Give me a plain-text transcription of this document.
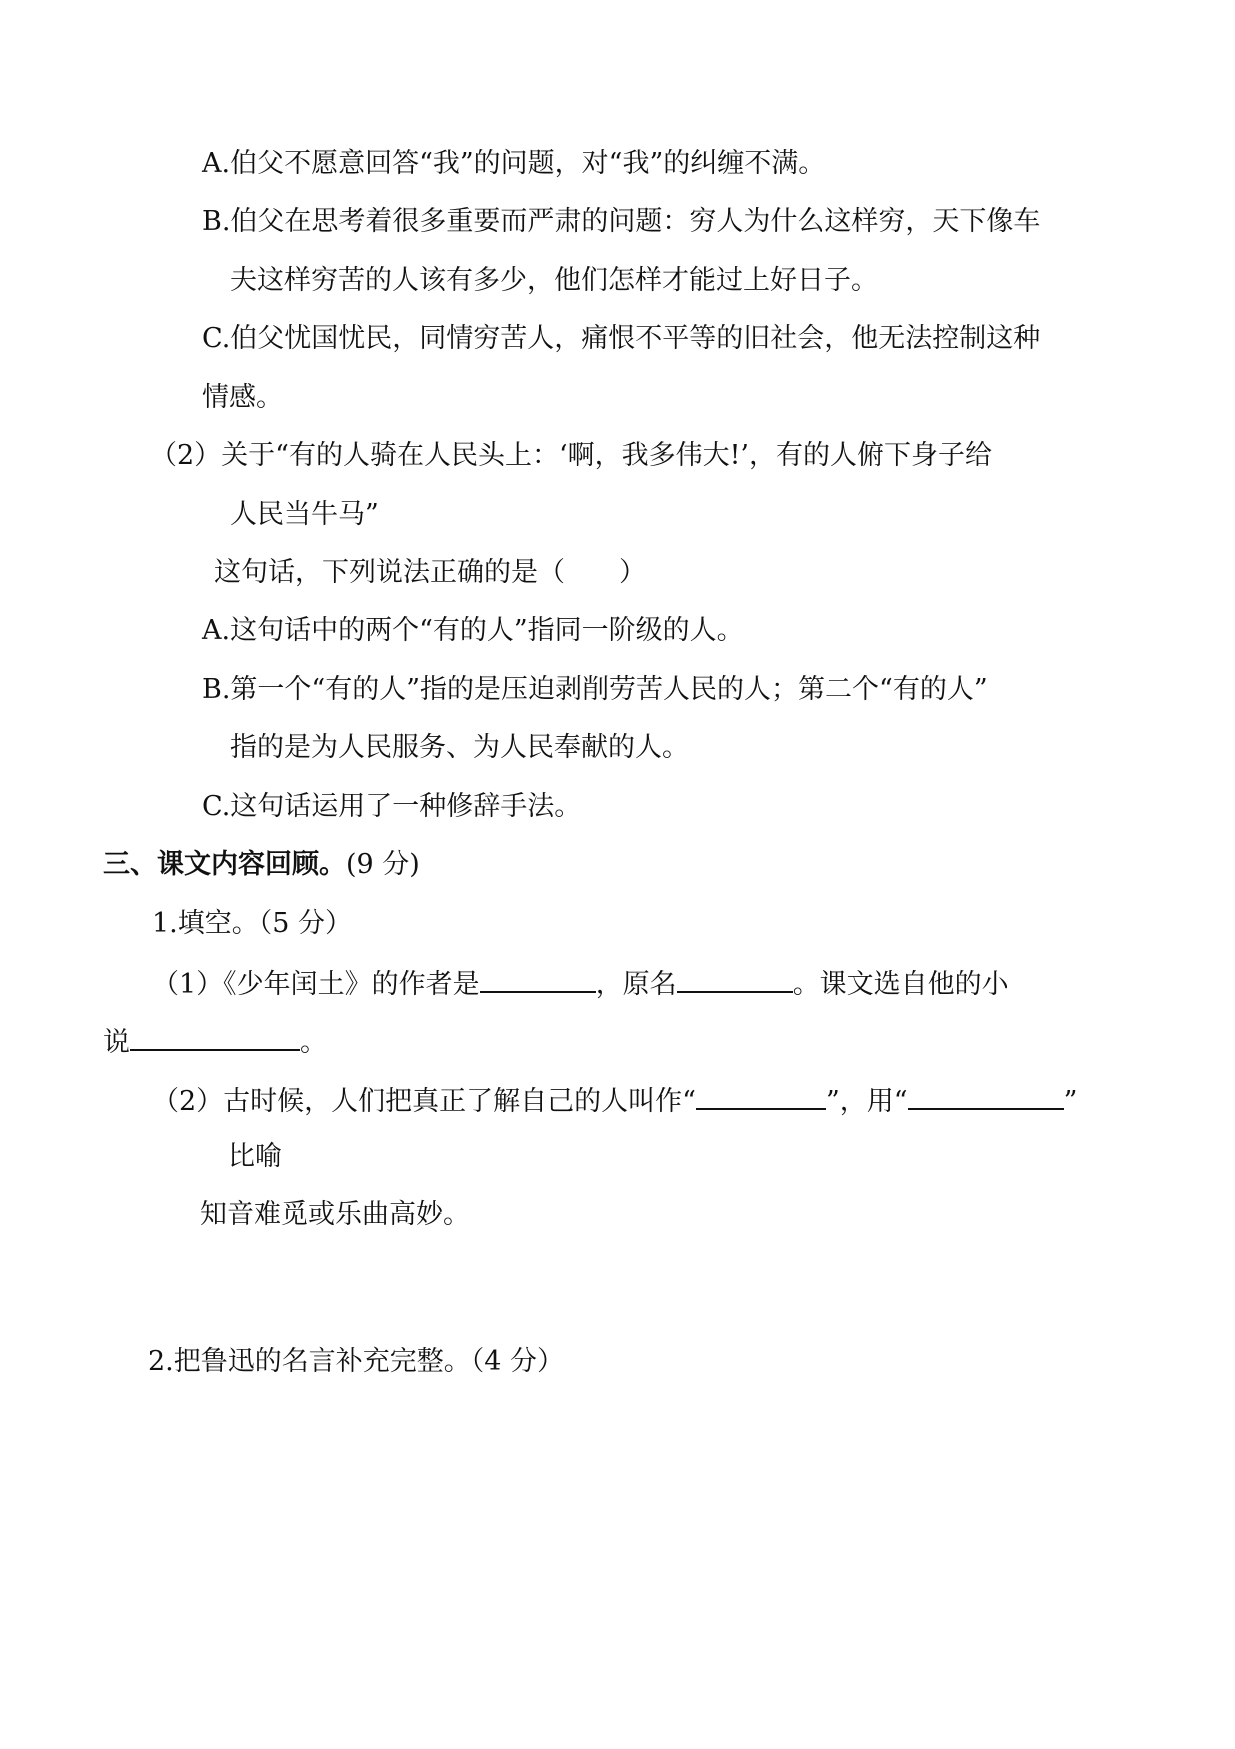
A.伯父不愿意回答“我”的问题，对“我”的纠缠不满。
B.伯父在思考着很多重要而严肃的问题：穷人为什么这样穷，天下像车
夫这样穷苦的人该有多少，他们怎样才能过上好日子。
C.伯父忧国忧民，同情穷苦人，痛恨不平等的旧社会，他无法控制这种
情感。
（2）关于“有的人骑在人民头上：‘啊，我多伟大!’，有的人俯下身子给
人民当牛马”
这句话，下列说法正确的是（　　）
A.这句话中的两个“有的人”指同一阶级的人。
B.第一个“有的人”指的是压迫剥削劳苦人民的人；第二个“有的人”
指的是为人民服务、为人民奉献的人。
C.这句话运用了一种修辞手法。
三、课文内容回顾。(9 分)
1.填空。（5 分）
（1）《少年闰土》的作者是	，原名	。课文选自他的小
说	。
（2）古时候，人们把真正了解自己的人叫作“	”，用“	”
比喻
知音难觅或乐曲高妙。
2.把鲁迅的名言补充完整。（4 分）
